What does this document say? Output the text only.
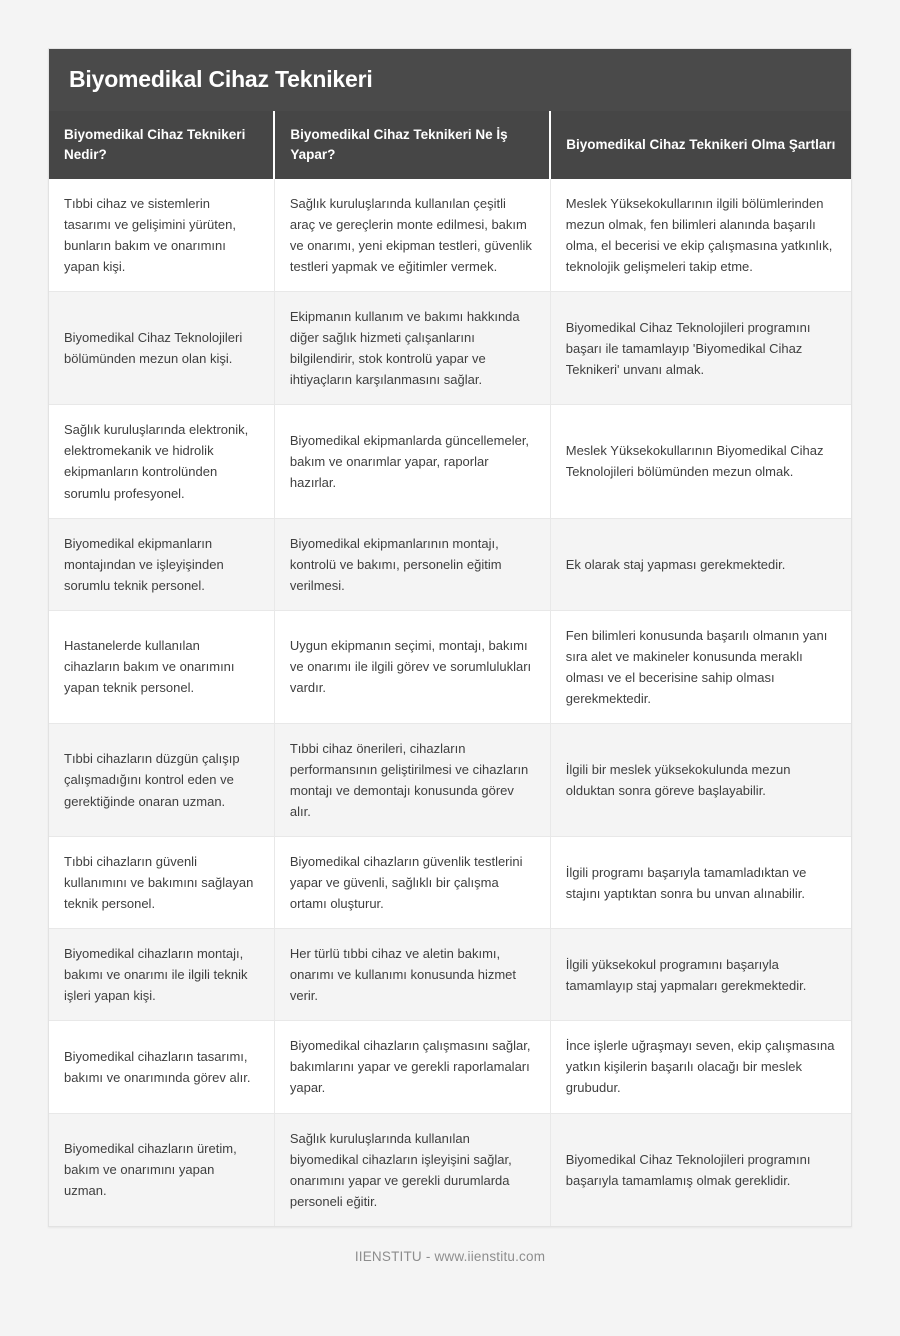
Biyomedikal Cihaz Teknikeri
Biyomedikal Cihaz Teknikeri Nedir?	Biyomedikal Cihaz Teknikeri Ne İş Yapar?	Biyomedikal Cihaz Teknikeri Olma Şartları
Tıbbi cihaz ve sistemlerin tasarımı ve gelişimini yürüten, bunların bakım ve onarımını yapan kişi.	Sağlık kuruluşlarında kullanılan çeşitli araç ve gereçlerin monte edilmesi, bakım ve onarımı, yeni ekipman testleri, güvenlik testleri yapmak ve eğitimler vermek.	Meslek Yüksekokullarının ilgili bölümlerinden mezun olmak, fen bilimleri alanında başarılı olma, el becerisi ve ekip çalışmasına yatkınlık, teknolojik gelişmeleri takip etme.
Biyomedikal Cihaz Teknolojileri bölümünden mezun olan kişi.	Ekipmanın kullanım ve bakımı hakkında diğer sağlık hizmeti çalışanlarını bilgilendirir, stok kontrolü yapar ve ihtiyaçların karşılanmasını sağlar.	Biyomedikal Cihaz Teknolojileri programını başarı ile tamamlayıp 'Biyomedikal Cihaz Teknikeri' unvanı almak.
Sağlık kuruluşlarında elektronik, elektromekanik ve hidrolik ekipmanların kontrolünden sorumlu profesyonel.	Biyomedikal ekipmanlarda güncellemeler, bakım ve onarımlar yapar, raporlar hazırlar.	Meslek Yüksekokullarının Biyomedikal Cihaz Teknolojileri bölümünden mezun olmak.
Biyomedikal ekipmanların montajından ve işleyişinden sorumlu teknik personel.	Biyomedikal ekipmanlarının montajı, kontrolü ve bakımı, personelin eğitim verilmesi.	Ek olarak staj yapması gerekmektedir.
Hastanelerde kullanılan cihazların bakım ve onarımını yapan teknik personel.	Uygun ekipmanın seçimi, montajı, bakımı ve onarımı ile ilgili görev ve sorumlulukları vardır.	Fen bilimleri konusunda başarılı olmanın yanı sıra alet ve makineler konusunda meraklı olması ve el becerisine sahip olması gerekmektedir.
Tıbbi cihazların düzgün çalışıp çalışmadığını kontrol eden ve gerektiğinde onaran uzman.	Tıbbi cihaz önerileri, cihazların performansının geliştirilmesi ve cihazların montajı ve demontajı konusunda görev alır.	İlgili bir meslek yüksekokulunda mezun olduktan sonra göreve başlayabilir.
Tıbbi cihazların güvenli kullanımını ve bakımını sağlayan teknik personel.	Biyomedikal cihazların güvenlik testlerini yapar ve güvenli, sağlıklı bir çalışma ortamı oluşturur.	İlgili programı başarıyla tamamladıktan ve stajını yaptıktan sonra bu unvan alınabilir.
Biyomedikal cihazların montajı, bakımı ve onarımı ile ilgili teknik işleri yapan kişi.	Her türlü tıbbi cihaz ve aletin bakımı, onarımı ve kullanımı konusunda hizmet verir.	İlgili yüksekokul programını başarıyla tamamlayıp staj yapmaları gerekmektedir.
Biyomedikal cihazların tasarımı, bakımı ve onarımında görev alır.	Biyomedikal cihazların çalışmasını sağlar, bakımlarını yapar ve gerekli raporlamaları yapar.	İnce işlerle uğraşmayı seven, ekip çalışmasına yatkın kişilerin başarılı olacağı bir meslek grubudur.
Biyomedikal cihazların üretim, bakım ve onarımını yapan uzman.	Sağlık kuruluşlarında kullanılan biyomedikal cihazların işleyişini sağlar, onarımını yapar ve gerekli durumlarda personeli eğitir.	Biyomedikal Cihaz Teknolojileri programını başarıyla tamamlamış olmak gereklidir.
IIENSTITU - www.iienstitu.com
